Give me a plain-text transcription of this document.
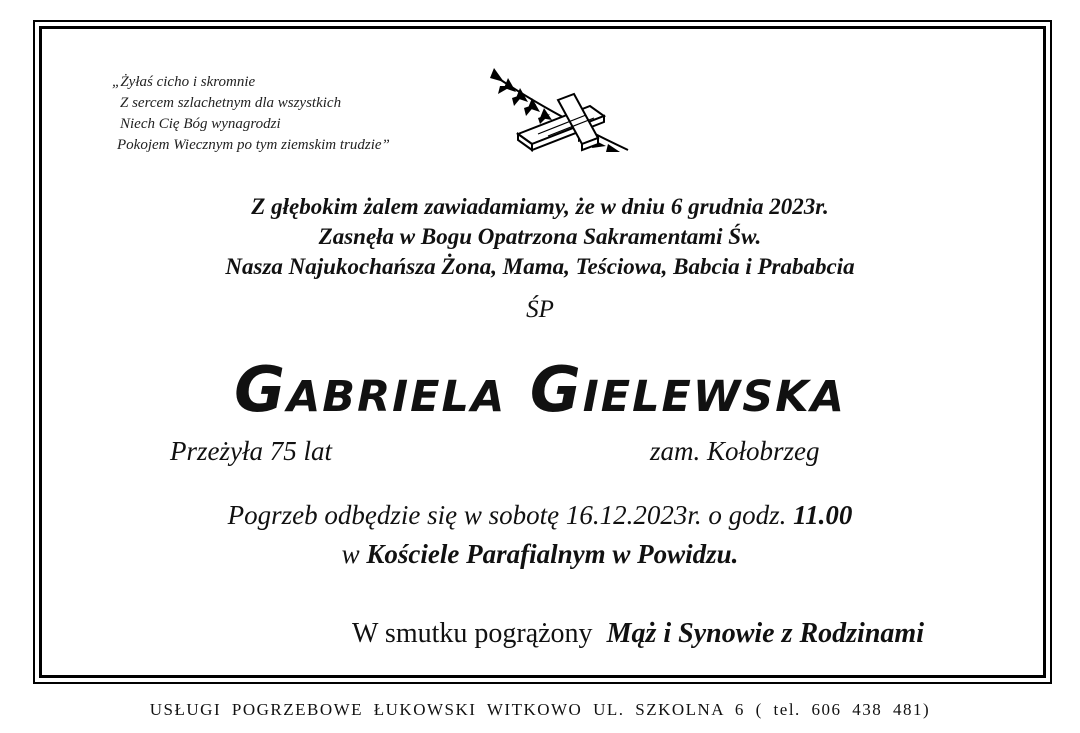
„Żyłaś cicho i skromnie
Z sercem szlachetnym dla wszystkich
Niech Cię Bóg wynagrodzi
Pokojem Wiecznym po tym ziemskim trudzie”
Z głębokim żalem zawiadamiamy, że w dniu 6 grudnia 2023r.
Zasnęła w Bogu Opatrzona Sakramentami Św.
Nasza Najukochańsza Żona, Mama, Teściowa, Babcia i Prababcia
ŚP
Gabriela Gielewska
Przeżyła 75 lat	zam. Kołobrzeg
Pogrzeb odbędzie się w sobotę 16.12.2023r. o godz. 11.00
w Kościele Parafialnym w Powidzu.
W smutku pogrążony Mąż i Synowie z Rodzinami
USŁUGI POGRZEBOWE ŁUKOWSKI WITKOWO UL. SZKOLNA 6 ( tel. 606 438 481)
